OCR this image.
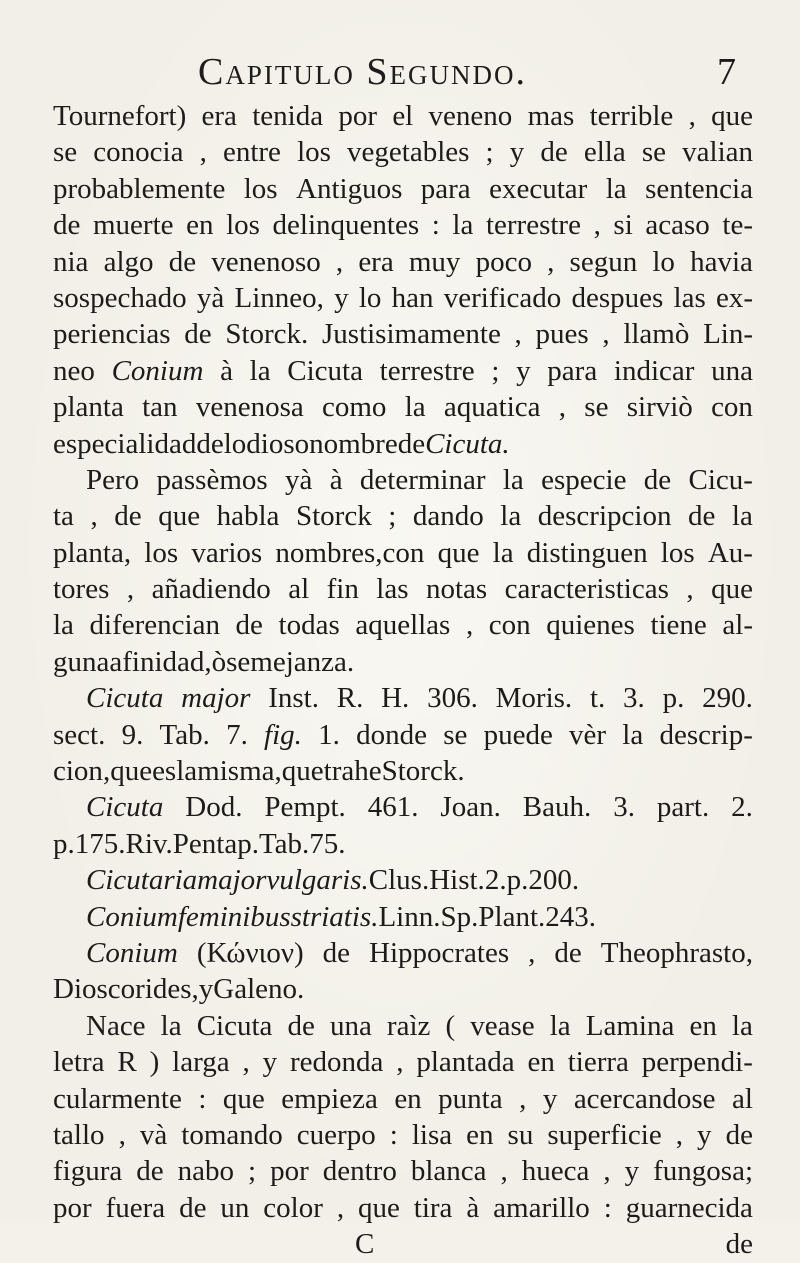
Capitulo Segundo.	7
Tournefort) era tenida por el veneno mas terrible , que
se conocia , entre los vegetables ; y de ella se valian
probablemente los Antiguos para executar la sentencia
de muerte en los delinquentes : la terrestre , si acaso te-
nia algo de venenoso , era muy poco , segun lo havia
sospechado yà Linneo, y lo han verificado despues las ex-
periencias de Storck. Justisimamente , pues , llamò Lin-
neo Conium à la Cicuta terrestre ; y para indicar una
planta tan venenosa como la aquatica , se sirviò con
especialidad del odioso nombre de Cicuta.
Pero passèmos yà à determinar la especie de Cicu-
ta , de que habla Storck ; dando la descripcion de la
planta, los varios nombres,con que la distinguen los Au-
tores , añadiendo al fin las notas caracteristicas , que
la diferencian de todas aquellas , con quienes tiene al-
guna afinidad , ò semejanza.
Cicuta major Inst. R. H. 306. Moris. t. 3. p. 290.
sect. 9. Tab. 7. fig. 1. donde se puede vèr la descrip-
cion , que es la misma , que trahe Storck.
Cicuta Dod. Pempt. 461. Joan. Bauh. 3. part. 2.
p. 175. Riv. Pentap. Tab. 75.
Cicutaria major vulgaris. Clus. Hist. 2. p. 200.
Conium feminibus striatis. Linn. Sp. Plant. 243.
Conium (Κώνιον) de Hippocrates , de Theophrasto,
Dioscorides , y Galeno.
Nace la Cicuta de una raìz ( vease la Lamina en la
letra R ) larga , y redonda , plantada en tierra perpendi-
cularmente : que empieza en punta , y acercandose al
tallo , và tomando cuerpo : lisa en su superficie , y de
figura de nabo ; por dentro blanca , hueca , y fungosa;
por fuera de un color , que tira à amarillo : guarnecida
C	de
